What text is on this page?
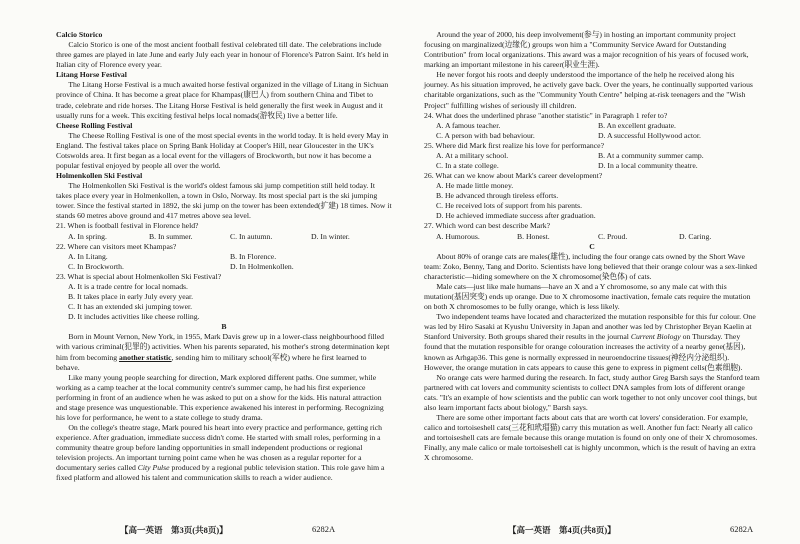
Calcio Storico

Calcio Storico is one of the most ancient football festival celebrated till date. The celebrations include three games are played in late June and early July each year in honour of Florence's Patron Saint. It's held in Italian city of Florence every year.

Litang Horse Festival

The Litang Horse Festival is a much awaited horse festival organized in the village of Litang in Sichuan province of China. It has become a great place for Khampas(康巴人) from southern China and Tibet to trade, celebrate and ride horses. The Litang Horse Festival is held generally the first week in August and it usually runs for a week. This exciting festival helps local nomads(游牧民) live a better life.

Cheese Rolling Festival

The Cheese Rolling Festival is one of the most special events in the world today. It is held every May in England. The festival takes place on Spring Bank Holiday at Cooper's Hill, near Gloucester in the UK's Cotswolds area. It first began as a local event for the villagers of Brockworth, but now it has become a popular festival enjoyed by people all over the world.

Holmenkollen Ski Festival

The Holmenkollen Ski Festival is the world's oldest famous ski jump competition still held today. It takes place every year in Holmenkollen, a town in Oslo, Norway. Its most special part is the ski jumping tower. Since the festival started in 1892, the ski jump on the tower has been extended(扩建) 18 times. Now it stands 60 metres above ground and 417 metres above sea level.

21. When is football festival in Florence held?
A. In spring.	B. In summer.	C. In autumn.	D. In winter.
22. Where can visitors meet Khampas?
A. In Litang.	B. In Florence.
C. In Brockworth.	D. In Holmenkollen.
23. What is special about Holmenkollen Ski Festival?
A. It is a trade centre for local nomads.
B. It takes place in early July every year.
C. It has an extended ski jumping tower.
D. It includes activities like cheese rolling.
B

Born in Mount Vernon, New York, in 1955, Mark Davis grew up in a lower-class neighbourhood filled with various criminal(犯罪的) activities. When his parents separated, his mother's strong determination kept him from becoming another statistic, sending him to military school(军校) where he first learned to behave.

Like many young people searching for direction, Mark explored different paths. One summer, while working as a camp teacher at the local community centre's summer camp, he had his first experience performing in front of an audience when he was asked to put on a show for the kids. His natural attraction and stage presence was unquestionable. This experience awakened his interest in performing. Recognizing his love for performance, he went to a state college to study drama.

On the college's theatre stage, Mark poured his heart into every practice and performance, getting rich experience. After graduation, immediate success didn't come. He started with small roles, performing in a community theatre group before landing opportunities in small independent productions or regional television projects. An important turning point came when he was chosen as a regular reporter for a documentary series called City Pulse produced by a regional public television station. This role gave him a fixed platform and allowed his talent and communication skills to reach a wider audience.

Around the year of 2000, his deep involvement(参与) in hosting an important community project focusing on marginalized(边缘化) groups won him a "Community Service Award for Outstanding Contribution" from local organizations. This award was a major recognition of his years of focused work, marking an important milestone in his career(职业生涯).

He never forgot his roots and deeply understood the importance of the help he received along his journey. As his situation improved, he actively gave back. Over the years, he continually supported various charitable organizations, such as the "Community Youth Centre" helping at-risk teenagers and the "Wish Project" fulfilling wishes of seriously ill children.

24. What does the underlined phrase "another statistic" in Paragraph 1 refer to?
A. A famous teacher.	B. An excellent graduate.
C. A person with bad behaviour.	D. A successful Hollywood actor.
25. Where did Mark first realize his love for performance?
A. At a military school.	B. At a community summer camp.
C. In a state college.	D. In a local community theatre.
26. What can we know about Mark's career development?
A. He made little money.
B. He advanced through tireless efforts.
C. He received lots of support from his parents.
D. He achieved immediate success after graduation.
27. Which word can best describe Mark?
A. Humorous.	B. Honest.	C. Proud.	D. Caring.
C

About 80% of orange cats are males(雄性), including the four orange cats owned by the Short Wave team: Zoko, Benny, Tang and Dorito. Scientists have long believed that their orange colour was a sex-linked characteristic—hiding somewhere on the X chromosome(染色体) of cats.

Male cats—just like male humans—have an X and a Y chromosome, so any male cat with this mutation(基因突变) ends up orange. Due to X chromosome inactivation, female cats require the mutation on both X chromosomes to be fully orange, which is less likely.

Two independent teams have located and characterized the mutation responsible for this fur colour. One was led by Hiro Sasaki at Kyushu University in Japan and another was led by Christopher Bryan Kaelin at Stanford University. Both groups shared their results in the journal Current Biology on Thursday. They found that the mutation responsible for orange colouration increases the activity of a nearby gene(基因), known as Arhgap36. This gene is normally expressed in neuroendocrine tissues(神经内分泌组织). However, the orange mutation in cats appears to cause this gene to express in pigment cells(色素细胞).

No orange cats were harmed during the research. In fact, study author Greg Barsh says the Stanford team partnered with cat lovers and community scientists to collect DNA samples from lots of different orange cats. "It's an example of how scientists and the public can work together to not only uncover cool things, but also learn important facts about biology," Barsh says.

There are some other important facts about cats that are worth cat lovers' consideration. For example, calico and tortoiseshell cats(三花和玳瑁猫) carry this mutation as well. Another fun fact: Nearly all calico and tortoiseshell cats are female because this orange mutation is found on only one of their X chromosomes. Finally, any male calico or male tortoiseshell cat is highly uncommon, which is the result of having an extra X chromosome.

【高一英语　第3页(共8页)】	6282A	【高一英语　第4页(共8页)】	6282A
